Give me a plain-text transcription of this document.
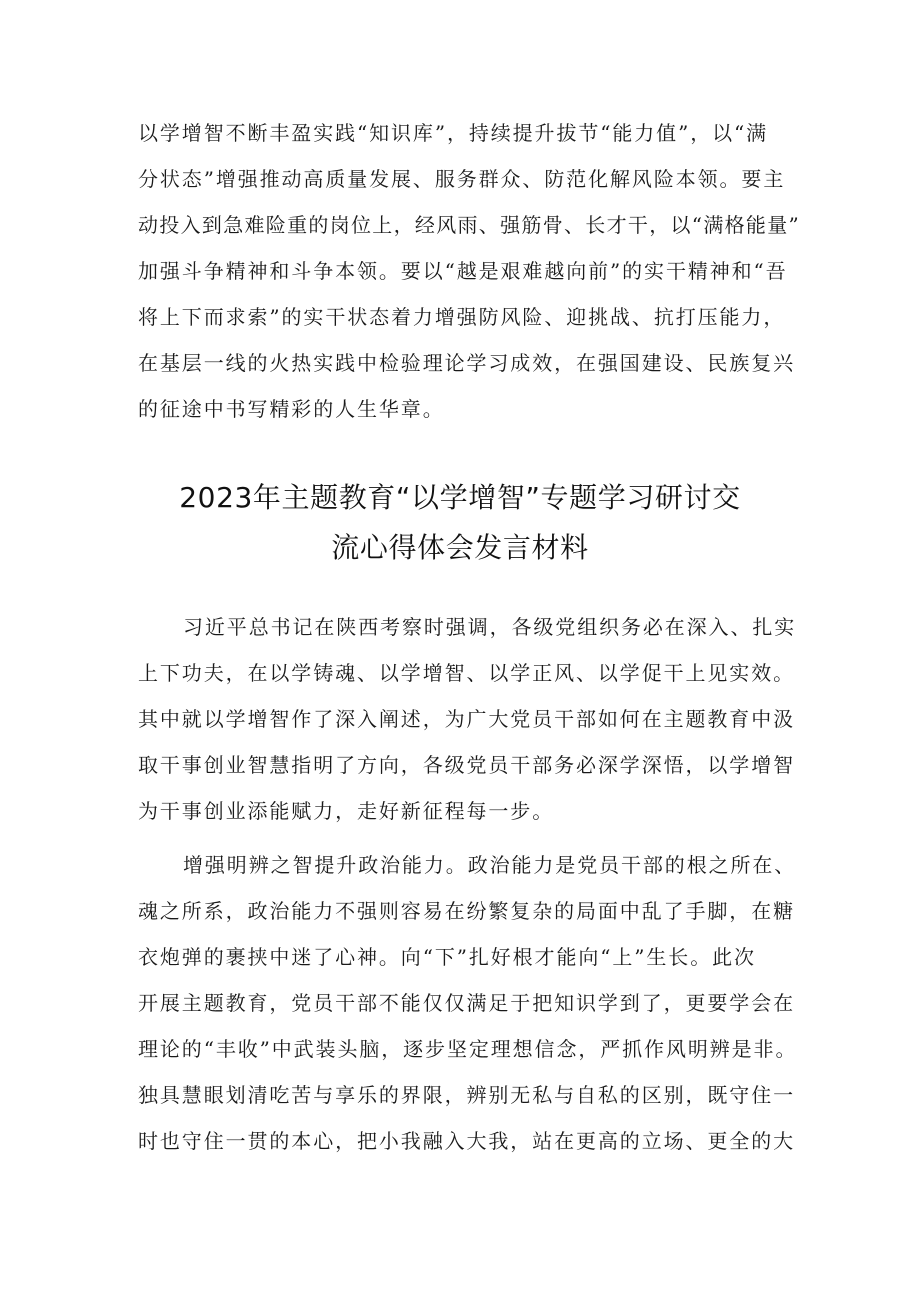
以学增智不断丰盈实践“知识库”，持续提升拔节“能力值”，以“满
分状态”增强推动高质量发展、服务群众、防范化解风险本领。要主
动投入到急难险重的岗位上，经风雨、强筋骨、长才干，以“满格能量”
加强斗争精神和斗争本领。要以“越是艰难越向前”的实干精神和“吾
将上下而求索”的实干状态着力增强防风险、迎挑战、抗打压能力，
在基层一线的火热实践中检验理论学习成效，在强国建设、民族复兴
的征途中书写精彩的人生华章。
2023年主题教育“以学增智”专题学习研讨交
流心得体会发言材料
习近平总书记在陕西考察时强调，各级党组织务必在深入、扎实
上下功夫，在以学铸魂、以学增智、以学正风、以学促干上见实效。
其中就以学增智作了深入阐述，为广大党员干部如何在主题教育中汲
取干事创业智慧指明了方向，各级党员干部务必深学深悟，以学增智
为干事创业添能赋力，走好新征程每一步。
增强明辨之智提升政治能力。政治能力是党员干部的根之所在、
魂之所系，政治能力不强则容易在纷繁复杂的局面中乱了手脚，在糖
衣炮弹的裹挟中迷了心神。向“下”扎好根才能向“上”生长。此次
开展主题教育，党员干部不能仅仅满足于把知识学到了，更要学会在
理论的“丰收”中武装头脑，逐步坚定理想信念，严抓作风明辨是非。
独具慧眼划清吃苦与享乐的界限，辨别无私与自私的区别，既守住一
时也守住一贯的本心，把小我融入大我，站在更高的立场、更全的大
